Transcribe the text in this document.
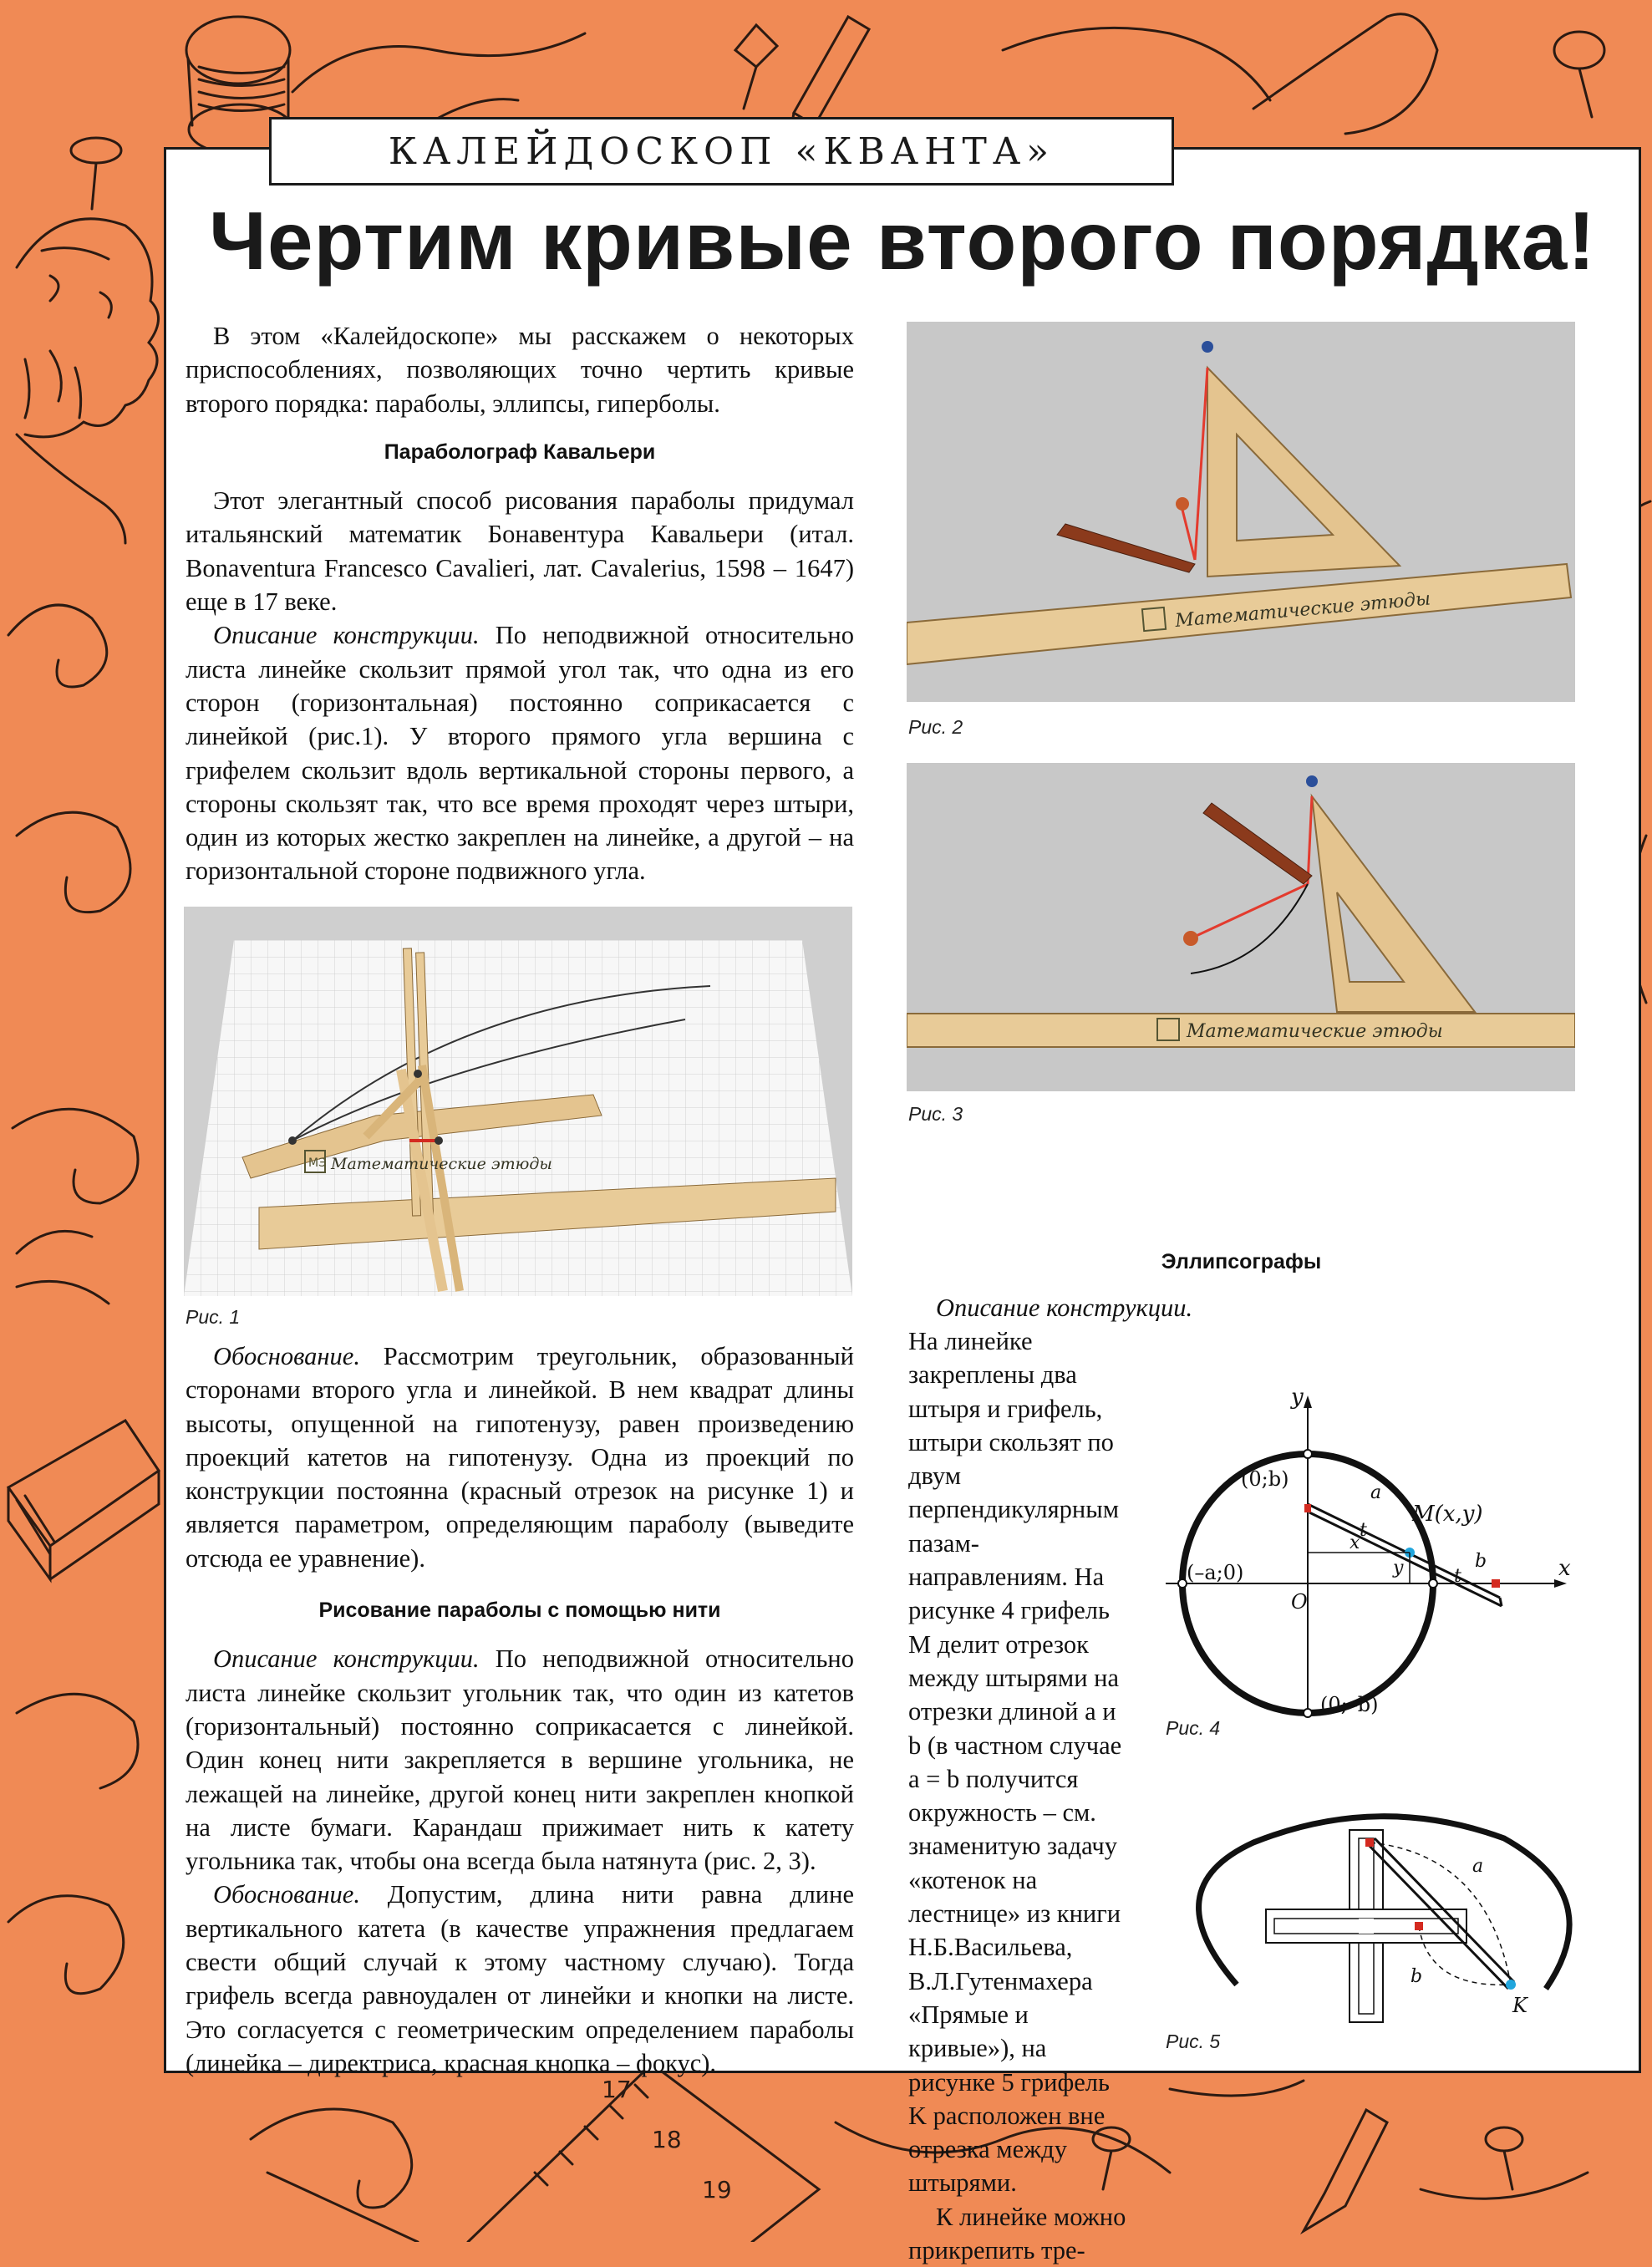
17
18
19
КАЛЕЙДОСКОП «КВАНТА»
Чертим кривые второго порядка!

В этом «Калейдоскопе» мы расскажем о некоторых приспособлениях, позволяющих точно чертить кривые второго порядка: параболы, эллипсы, гиперболы.

Параболограф Кавальери

Этот элегантный способ рисования параболы придумал итальянский математик Бонавентура Кавальери (итал. Bonaventura Francesco Cavalieri, лат. Cavalerius, 1598 – 1647) еще в 17 веке.

Описание конструкции. По неподвижной относительно листа линейке скользит прямой угол так, что одна из его сторон (горизонтальная) постоянно соприкасается с линейкой (рис.1). У второго прямого угла вершина с грифелем скользит вдоль вертикальной стороны первого, а стороны скользят так, что все время проходят через штыри, один из которых жестко закреплен на линейке, а другой – на горизонтальной стороне подвижного угла.

МЭ Математические этюды
Рис. 1

Обоснование. Рассмотрим треугольник, образованный сторонами второго угла и линейкой. В нем квадрат длины высоты, опущенной на гипотенузу, равен произведению проекций катетов на гипотенузу. Одна из проекций по конструкции постоянна (красный отрезок на рисунке 1) и является параметром, определяющим параболу (выведите отсюда ее уравнение).

Рисование параболы с помощью нити

Описание конструкции. По неподвижной относительно листа линейке скользит угольник так, что один из катетов (горизонтальный) постоянно соприкасается с линейкой. Один конец нити закрепляется в вершине угольника, не лежащей на линейке, другой конец нити закреплен кнопкой на листе бумаги. Карандаш прижимает нить к катету угольника так, чтобы она всегда была натянута (рис. 2, 3).

Обоснование. Допустим, длина нити равна длине вертикального катета (в качестве упражнения предлагаем свести общий случай к этому частному случаю). Тогда грифель всегда равноудален от линейки и кнопки на листе. Это согласуется с геометрическим определением параболы (линейка – директриса, красная кнопка – фокус).

Математические этюды
Рис. 2
Математические этюды
Рис. 3
Эллипсографы

Описание конструкции.

На линейке закреплены два штыря и грифель, штыри скользят по двум перпендикулярным пазам-направлениям. На рисунке 4 грифель M делит отрезок между штырями на отрезки длиной a и b (в частном случае a = b получится окружность – см. знаменитую задачу «котенок на лестнице» из книги Н.Б.Васильева, В.Л.Гутенмахера «Прямые и кривые»), на рисунке 5 грифель K расположен вне отрезка между штырями.

К линейке можно прикрепить тре-

y
x
O
(0;b)
(0;–b)
(–a;0)
M(x,y)
a
b
t
t
x
y
Рис. 4
a
b
K
Рис. 5
